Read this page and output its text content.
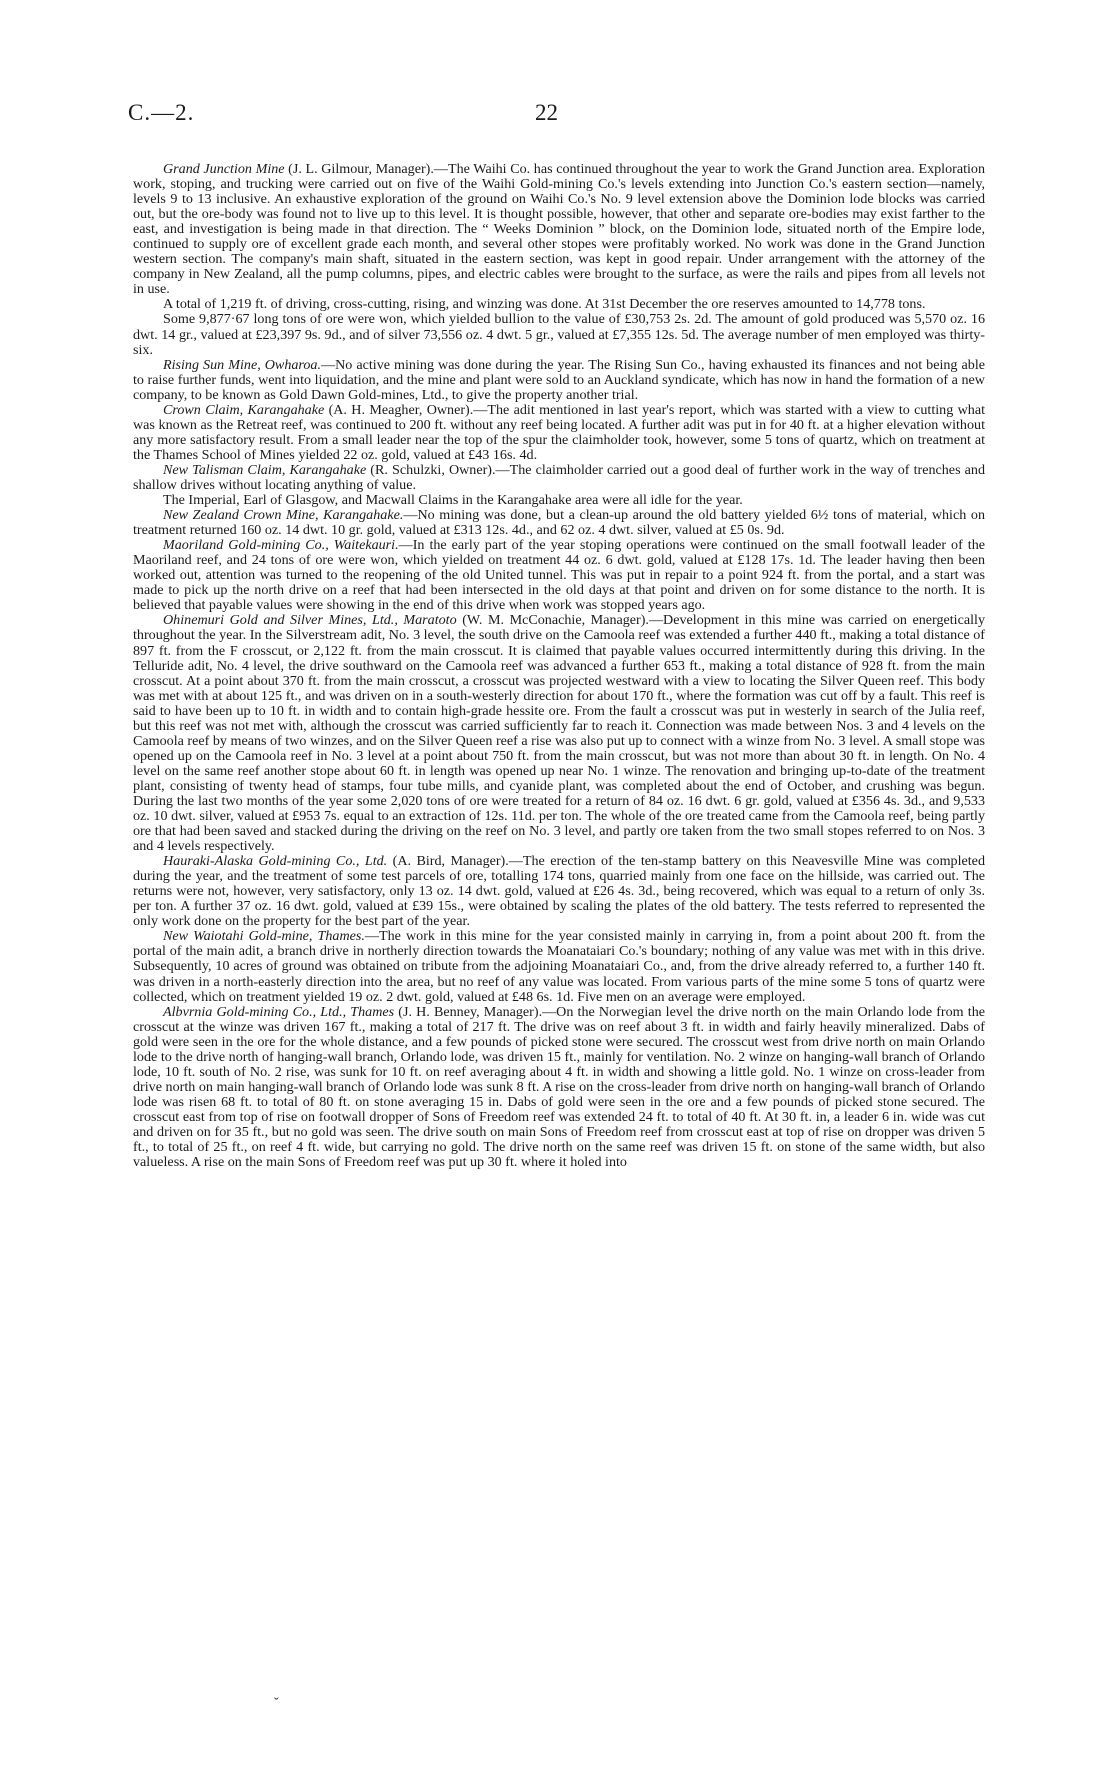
C.—2.	22

Grand Junction Mine (J. L. Gilmour, Manager).—The Waihi Co. has continued throughout the year to work the Grand Junction area. Exploration work, stoping, and trucking were carried out on five of the Waihi Gold-mining Co.'s levels extending into Junction Co.'s eastern section—namely, levels 9 to 13 inclusive. An exhaustive exploration of the ground on Waihi Co.'s No. 9 level extension above the Dominion lode blocks was carried out, but the ore-body was found not to live up to this level. It is thought possible, however, that other and separate ore-bodies may exist farther to the east, and investigation is being made in that direction. The “ Weeks Dominion ” block, on the Dominion lode, situated north of the Empire lode, continued to supply ore of excellent grade each month, and several other stopes were profitably worked. No work was done in the Grand Junction western section. The company's main shaft, situated in the eastern section, was kept in good repair. Under arrangement with the attorney of the company in New Zealand, all the pump columns, pipes, and electric cables were brought to the surface, as were the rails and pipes from all levels not in use.

A total of 1,219 ft. of driving, cross-cutting, rising, and winzing was done. At 31st December the ore reserves amounted to 14,778 tons.

Some 9,877·67 long tons of ore were won, which yielded bullion to the value of £30,753 2s. 2d. The amount of gold produced was 5,570 oz. 16 dwt. 14 gr., valued at £23,397 9s. 9d., and of silver 73,556 oz. 4 dwt. 5 gr., valued at £7,355 12s. 5d. The average number of men employed was thirty-six.

Rising Sun Mine, Owharoa.—No active mining was done during the year. The Rising Sun Co., having exhausted its finances and not being able to raise further funds, went into liquidation, and the mine and plant were sold to an Auckland syndicate, which has now in hand the formation of a new company, to be known as Gold Dawn Gold-mines, Ltd., to give the property another trial.

Crown Claim, Karangahake (A. H. Meagher, Owner).—The adit mentioned in last year's report, which was started with a view to cutting what was known as the Retreat reef, was continued to 200 ft. without any reef being located. A further adit was put in for 40 ft. at a higher elevation without any more satisfactory result. From a small leader near the top of the spur the claimholder took, however, some 5 tons of quartz, which on treatment at the Thames School of Mines yielded 22 oz. gold, valued at £43 16s. 4d.

New Talisman Claim, Karangahake (R. Schulzki, Owner).—The claimholder carried out a good deal of further work in the way of trenches and shallow drives without locating anything of value.

The Imperial, Earl of Glasgow, and Macwall Claims in the Karangahake area were all idle for the year.

New Zealand Crown Mine, Karangahake.—No mining was done, but a clean-up around the old battery yielded 6½ tons of material, which on treatment returned 160 oz. 14 dwt. 10 gr. gold, valued at £313 12s. 4d., and 62 oz. 4 dwt. silver, valued at £5 0s. 9d.

Maoriland Gold-mining Co., Waitekauri.—In the early part of the year stoping operations were continued on the small footwall leader of the Maoriland reef, and 24 tons of ore were won, which yielded on treatment 44 oz. 6 dwt. gold, valued at £128 17s. 1d. The leader having then been worked out, attention was turned to the reopening of the old United tunnel. This was put in repair to a point 924 ft. from the portal, and a start was made to pick up the north drive on a reef that had been intersected in the old days at that point and driven on for some distance to the north. It is believed that payable values were showing in the end of this drive when work was stopped years ago.

Ohinemuri Gold and Silver Mines, Ltd., Maratoto (W. M. McConachie, Manager).—Development in this mine was carried on energetically throughout the year. In the Silverstream adit, No. 3 level, the south drive on the Camoola reef was extended a further 440 ft., making a total distance of 897 ft. from the F crosscut, or 2,122 ft. from the main crosscut. It is claimed that payable values occurred intermittently during this driving. In the Telluride adit, No. 4 level, the drive southward on the Camoola reef was advanced a further 653 ft., making a total distance of 928 ft. from the main crosscut. At a point about 370 ft. from the main crosscut, a crosscut was projected westward with a view to locating the Silver Queen reef. This body was met with at about 125 ft., and was driven on in a south-westerly direction for about 170 ft., where the formation was cut off by a fault. This reef is said to have been up to 10 ft. in width and to contain high-grade hessite ore. From the fault a crosscut was put in westerly in search of the Julia reef, but this reef was not met with, although the crosscut was carried sufficiently far to reach it. Connection was made between Nos. 3 and 4 levels on the Camoola reef by means of two winzes, and on the Silver Queen reef a rise was also put up to connect with a winze from No. 3 level. A small stope was opened up on the Camoola reef in No. 3 level at a point about 750 ft. from the main crosscut, but was not more than about 30 ft. in length. On No. 4 level on the same reef another stope about 60 ft. in length was opened up near No. 1 winze. The renovation and bringing up-to-date of the treatment plant, consisting of twenty head of stamps, four tube mills, and cyanide plant, was completed about the end of October, and crushing was begun. During the last two months of the year some 2,020 tons of ore were treated for a return of 84 oz. 16 dwt. 6 gr. gold, valued at £356 4s. 3d., and 9,533 oz. 10 dwt. silver, valued at £953 7s. equal to an extraction of 12s. 11d. per ton. The whole of the ore treated came from the Camoola reef, being partly ore that had been saved and stacked during the driving on the reef on No. 3 level, and partly ore taken from the two small stopes referred to on Nos. 3 and 4 levels respectively.

Hauraki-Alaska Gold-mining Co., Ltd. (A. Bird, Manager).—The erection of the ten-stamp battery on this Neavesville Mine was completed during the year, and the treatment of some test parcels of ore, totalling 174 tons, quarried mainly from one face on the hillside, was carried out. The returns were not, however, very satisfactory, only 13 oz. 14 dwt. gold, valued at £26 4s. 3d., being recovered, which was equal to a return of only 3s. per ton. A further 37 oz. 16 dwt. gold, valued at £39 15s., were obtained by scaling the plates of the old battery. The tests referred to represented the only work done on the property for the best part of the year.

New Waiotahi Gold-mine, Thames.—The work in this mine for the year consisted mainly in carrying in, from a point about 200 ft. from the portal of the main adit, a branch drive in northerly direction towards the Moanataiari Co.'s boundary; nothing of any value was met with in this drive. Subsequently, 10 acres of ground was obtained on tribute from the adjoining Moanataiari Co., and, from the drive already referred to, a further 140 ft. was driven in a north-easterly direction into the area, but no reef of any value was located. From various parts of the mine some 5 tons of quartz were collected, which on treatment yielded 19 oz. 2 dwt. gold, valued at £48 6s. 1d. Five men on an average were employed.

Albvrnia Gold-mining Co., Ltd., Thames (J. H. Benney, Manager).—On the Norwegian level the drive north on the main Orlando lode from the crosscut at the winze was driven 167 ft., making a total of 217 ft. The drive was on reef about 3 ft. in width and fairly heavily mineralized. Dabs of gold were seen in the ore for the whole distance, and a few pounds of picked stone were secured. The crosscut west from drive north on main Orlando lode to the drive north of hanging-wall branch, Orlando lode, was driven 15 ft., mainly for ventilation. No. 2 winze on hanging-wall branch of Orlando lode, 10 ft. south of No. 2 rise, was sunk for 10 ft. on reef averaging about 4 ft. in width and showing a little gold. No. 1 winze on cross-leader from drive north on main hanging-wall branch of Orlando lode was sunk 8 ft. A rise on the cross-leader from drive north on hanging-wall branch of Orlando lode was risen 68 ft. to total of 80 ft. on stone averaging 15 in. Dabs of gold were seen in the ore and a few pounds of picked stone secured. The crosscut east from top of rise on footwall dropper of Sons of Freedom reef was extended 24 ft. to total of 40 ft. At 30 ft. in, a leader 6 in. wide was cut and driven on for 35 ft., but no gold was seen. The drive south on main Sons of Freedom reef from crosscut east at top of rise on dropper was driven 5 ft., to total of 25 ft., on reef 4 ft. wide, but carrying no gold. The drive north on the same reef was driven 15 ft. on stone of the same width, but also valueless. A rise on the main Sons of Freedom reef was put up 30 ft. where it holed into

ˇ
